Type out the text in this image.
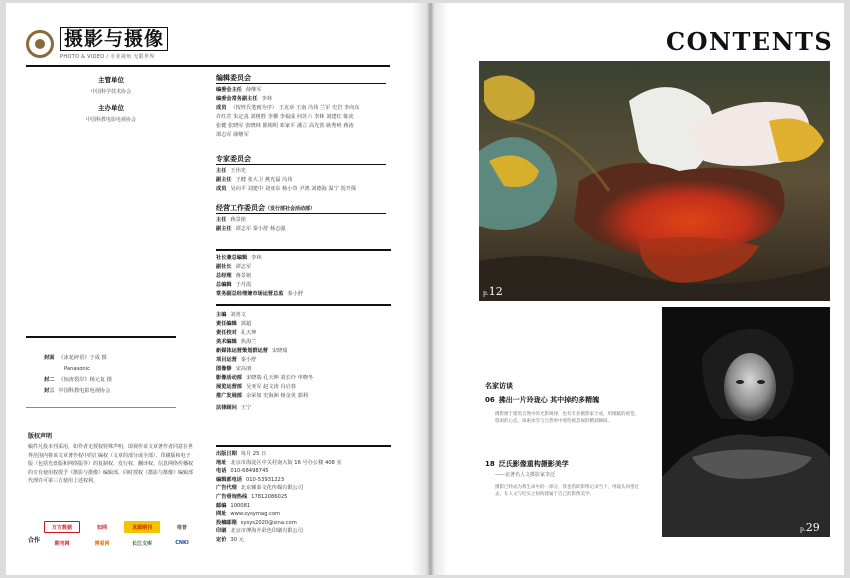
摄影与摄像
PHOTO & VIDEO / 专业视角 无限世界
主管单位
中国科学技术协会
主办单位
中国科教电影电视协会
编辑委员会
编委会主任 薛继军
编委会常务副主任 李林
成员 （按姓氏笔画为序） 王克章 王南 冯伟 兰军 史岩 李向东
许红芷 朱定真 刘树胜 李骥 李福成 何苏六 李林 刘建红 陈虎
张健 张晓军 张晓林 陈锡明 邓家平 潘立 高光善 耿秀岭 蒋涛
谭志军 薛继军
专家委员会
主任 王伟光
副主任 王健 张大卫 燕光磊 冯伟
成员 吴向平 刘建中 刘亚东 杨小奇 尹鸿 刘德海 温宁 贺开探
经营工作委员会（发行部社会活动部）
主任 蒋景铭
副主任 谭志军 秦小舒 杨志强
社长兼总编辑 李林
副社长 谭志军
总经理 蒋景铭
总编辑 于丹霞
常务副总经理兼市场运营总监 秦小舒
主编 刘喜文
责任编辑 郭超
责任校对 孔天坤
美术编辑 焦海兰
新媒体运营策划群运营 宋晓瑞
项目运营 秦小舒
图像修 宋高朋
影像活动部 宋晓瑞 孔天坤 刘长玲 申晓冬
展览运营部 吴亚军 赵文涛 冯启春
推广发展部 余荣如 史海洲 杨金英 郭利
法律顾问 王宁
出版日期 每月 25 日
地址 北京市海淀区中关村南大街 16 号办公楼 408 室
电话 010-68498745
编辑部电话 010-53931223
广告代理 北京臻泰文化传媒有限公司
广告垂询热线 17812086025
邮编 100081
网址 www.sysymag.com
投稿邮箱 sysys2020@sina.com
印刷 北京市博海升彩色印刷有限公司
定价 30 元
封面 《冰花碎语》于成 摄
Panasonic
封二 《惊涛裂岸》杨元复 摄
封三 中国科教电影电视协会
版权声明
稿件凡投本刊采用，如作者无授权特殊声明，即视作该文章著作者同意在世界范围内将该文章著作权中的汇编权（文章的部分或全部）、印刷版和电子版（包括光盘版和网络版等）的复制权、发行权、翻译权、信息网络传播权的专有使用权授予《摄影与摄像》编辑部，同时授权《摄影与摄像》编辑部代理许可第三方使用上述权利。
合作
万方数据	知网	龙源期刊	维普
期刊网	博看网	长江文库	CNKI
CONTENTS
p.12
p.29
名家访谈
06 拂出一片玲珑心 其中掉约多精魄
摄影源于建筑自然中的光影规律，也有专业摄影家于成，用细腻的视觉、悠闲的心态，探索冰雪与自然界中那些被忽视的精彩瞬间。
18 泛氏影像重构摄影美学
——访著名人文摄影家李泛
摄影已经成为我生命中的一部分，我也借助影像记录当下，用镜头回望过去，在人文与纪实之间构建属于自己的影像美学。
